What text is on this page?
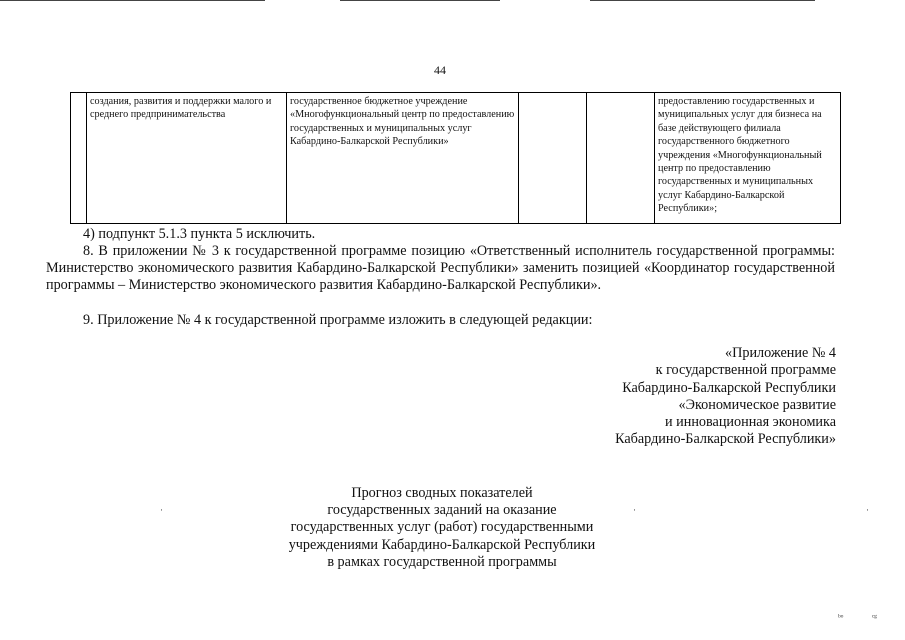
44
	создания, развития и поддержки малого и среднего предпринимательства	государственное бюджетное учреждение «Многофункциональный центр по предоставлению государственных и муниципальных услуг Кабардино-Балкарской Республики»			предоставлению государственных и муниципальных услуг для бизнеса на базе действующего филиала государственного бюджетного учреждения «Многофункциональный центр по предоставлению государственных и муниципальных услуг Кабардино-Балкарской Республики»;

4) подпункт 5.1.3 пункта 5 исключить.

8. В приложении № 3 к государственной программе позицию «Ответственный исполнитель государственной программы: Министерство экономического развития Кабардино-Балкарской Республики» заменить позицией «Координатор государственной программы – Министерство экономического развития Кабардино-Балкарской Республики».

9. Приложение № 4 к государственной программе изложить в следующей редакции:

«Приложение № 4
к государственной программе
Кабардино-Балкарской Республики
«Экономическое развитие
и инновационная экономика
Кабардино-Балкарской Республики»
Прогноз сводных показателей
государственных заданий на оказание
государственных услуг (работ) государственными
учреждениями Кабардино-Балкарской Республики
в рамках государственной программы
·	·	·
ᵇᵒ	ᶜᵍ
